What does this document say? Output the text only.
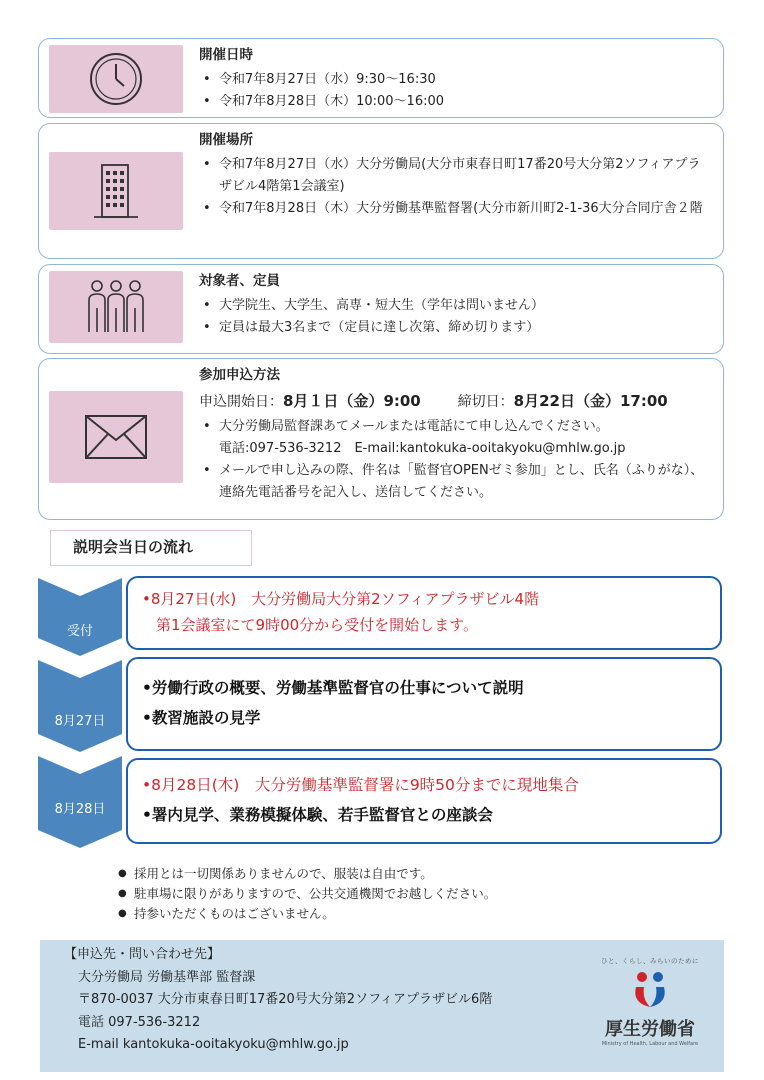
開催日時
• 令和7年8月27日（水）9:30～16:30
• 令和7年8月28日（木）10:00～16:00
開催場所
• 令和7年8月27日（水）大分労働局(大分市東春日町17番20号大分第2ソフィアプラザビル4階第1会議室)
• 令和7年8月28日（木）大分労働基準監督署(大分市新川町2-1-36大分合同庁舎２階
対象者、定員
• 大学院生、大学生、高専・短大生（学年は問いません）
• 定員は最大3名まで（定員に達し次第、締め切ります）
参加申込方法
申込開始日：8月１日（金）9:00	締切日：8月22日（金）17:00
• 大分労働局監督課あてメールまたは電話にて申し込んでください。
電話:097-536-3212　E-mail:kantokuka-ooitakyoku@mhlw.go.jp
• メールで申し込みの際、件名は「監督官OPENゼミ参加」とし、氏名（ふりがな）、連絡先電話番号を記入し、送信してください。
説明会当日の流れ
受付
•8月27日(水)　大分労働局大分第2ソフィアプラザビル4階
第1会議室にて9時00分から受付を開始します。
8月27日
•労働行政の概要、労働基準監督官の仕事について説明
•教習施設の見学
8月28日
•8月28日(木)　大分労働基準監督署に9時50分までに現地集合
•署内見学、業務模擬体験、若手監督官との座談会
● 採用とは一切関係ありませんので、服装は自由です。
● 駐車場に限りがありますので、公共交通機関でお越しください。
● 持参いただくものはございません。
【申込先・問い合わせ先】
大分労働局 労働基準部 監督課
〒870-0037 大分市東春日町17番20号大分第2ソフィアプラザビル6階
電話 097-536-3212
E-mail kantokuka-ooitakyoku@mhlw.go.jp
ひと、くらし、みらいのために
厚生労働省
Ministry of Health, Labour and Welfare
